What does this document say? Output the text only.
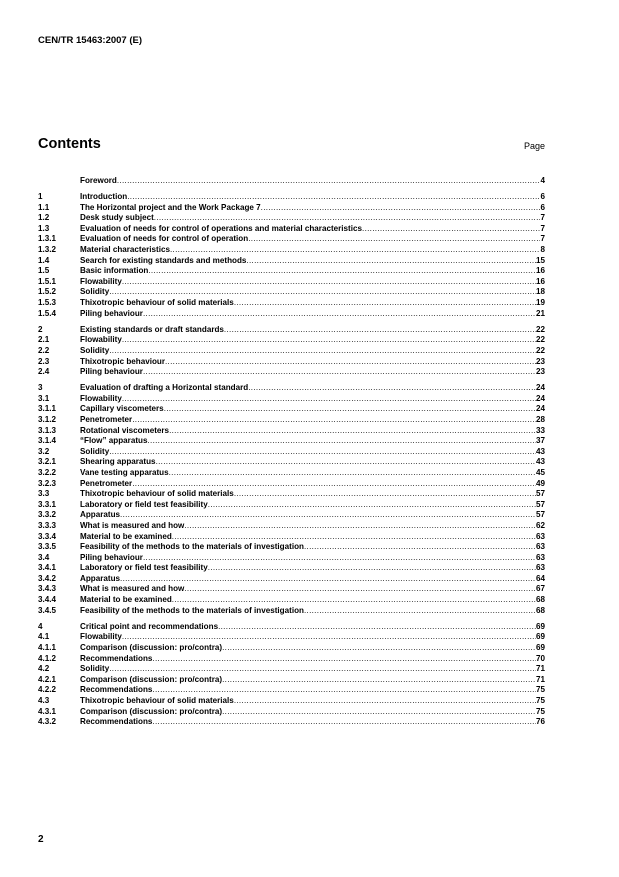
CEN/TR 15463:2007 (E)
Contents	Page
Foreword .....	4
1	Introduction .....	6
1.1	The Horizontal project and the Work Package 7 .....	6
1.2	Desk study subject .....	7
1.3	Evaluation of needs for control of operations and material characteristics .....	7
1.3.1	Evaluation of needs for control of operation .....	7
1.3.2	Material characteristics .....	8
1.4	Search for existing standards and methods .....	15
1.5	Basic information .....	16
1.5.1	Flowability .....	16
1.5.2	Solidity .....	18
1.5.3	Thixotropic behaviour of solid materials .....	19
1.5.4	Piling behaviour .....	21
2	Existing standards or draft standards .....	22
2.1	Flowability .....	22
2.2	Solidity .....	22
2.3	Thixotropic behaviour .....	23
2.4	Piling behaviour .....	23
3	Evaluation of drafting a Horizontal standard .....	24
3.1	Flowability .....	24
3.1.1	Capillary viscometers .....	24
3.1.2	Penetrometer .....	28
3.1.3	Rotational viscometers .....	33
3.1.4	“Flow” apparatus .....	37
3.2	Solidity .....	43
3.2.1	Shearing apparatus .....	43
3.2.2	Vane testing apparatus .....	45
3.2.3	Penetrometer .....	49
3.3	Thixotropic behaviour of solid materials .....	57
3.3.1	Laboratory or field test feasibility .....	57
3.3.2	Apparatus .....	57
3.3.3	What is measured and how .....	62
3.3.4	Material to be examined .....	63
3.3.5	Feasibility of the methods to the materials of investigation .....	63
3.4	Piling behaviour .....	63
3.4.1	Laboratory or field test feasibility .....	63
3.4.2	Apparatus .....	64
3.4.3	What is measured and how .....	67
3.4.4	Material to be examined .....	68
3.4.5	Feasibility of the methods to the materials of investigation .....	68
4	Critical point and recommendations .....	69
4.1	Flowability .....	69
4.1.1	Comparison (discussion: pro/contra) .....	69
4.1.2	Recommendations .....	70
4.2	Solidity .....	71
4.2.1	Comparison (discussion: pro/contra) .....	71
4.2.2	Recommendations .....	75
4.3	Thixotropic behaviour of solid materials .....	75
4.3.1	Comparison (discussion: pro/contra) .....	75
4.3.2	Recommendations .....	76
2
